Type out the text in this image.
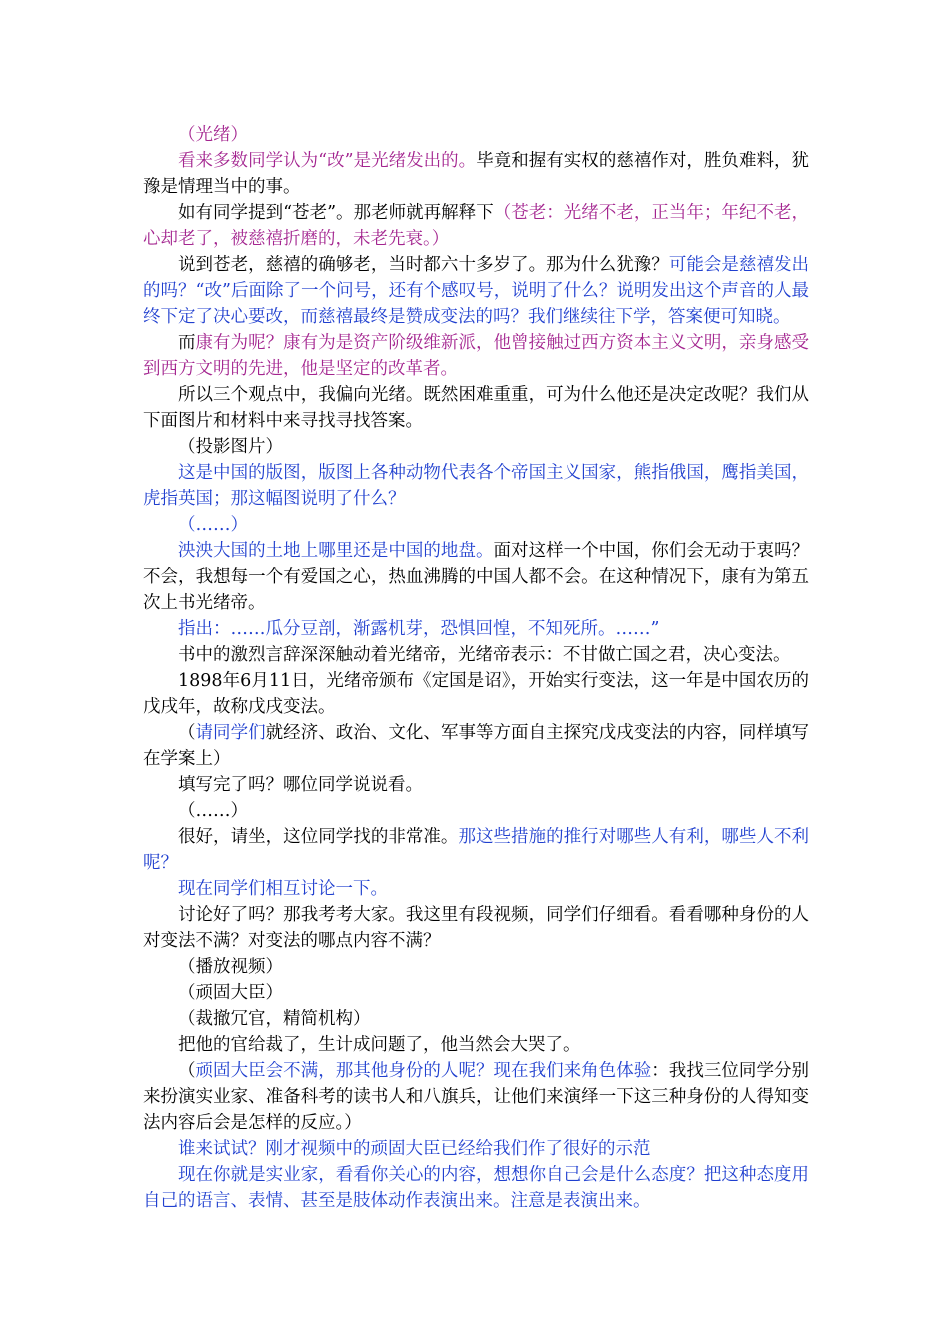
（光绪）

看来多数同学认为“改”是光绪发出的。毕竟和握有实权的慈禧作对，胜负难料，犹豫是情理当中的事。

如有同学提到“苍老”。那老师就再解释下（苍老：光绪不老，正当年；年纪不老，心却老了，被慈禧折磨的，未老先衰。）

说到苍老，慈禧的确够老，当时都六十多岁了。那为什么犹豫？可能会是慈禧发出的吗？“改”后面除了一个问号，还有个感叹号，说明了什么？说明发出这个声音的人最终下定了决心要改，而慈禧最终是赞成变法的吗？我们继续往下学，答案便可知晓。

而康有为呢？康有为是资产阶级维新派，他曾接触过西方资本主义文明，亲身感受到西方文明的先进，他是坚定的改革者。

所以三个观点中，我偏向光绪。既然困难重重，可为什么他还是决定改呢？我们从下面图片和材料中来寻找寻找答案。

（投影图片）

这是中国的版图，版图上各种动物代表各个帝国主义国家，熊指俄国，鹰指美国，虎指英国；那这幅图说明了什么？

（……）

泱泱大国的土地上哪里还是中国的地盘。面对这样一个中国，你们会无动于衷吗？不会，我想每一个有爱国之心，热血沸腾的中国人都不会。在这种情况下，康有为第五次上书光绪帝。

指出：……瓜分豆剖，渐露机芽，恐惧回惶，不知死所。……”

书中的激烈言辞深深触动着光绪帝，光绪帝表示：不甘做亡国之君，决心变法。

1898年6月11日，光绪帝颁布《定国是诏》，开始实行变法，这一年是中国农历的戊戌年，故称戊戌变法。

（请同学们就经济、政治、文化、军事等方面自主探究戊戌变法的内容，同样填写在学案上）

填写完了吗？哪位同学说说看。

（……）

很好，请坐，这位同学找的非常准。那这些措施的推行对哪些人有利，哪些人不利呢？

现在同学们相互讨论一下。

讨论好了吗？那我考考大家。我这里有段视频，同学们仔细看。看看哪种身份的人对变法不满？对变法的哪点内容不满？

（播放视频）

（顽固大臣）

（裁撤冗官，精简机构）

把他的官给裁了，生计成问题了，他当然会大哭了。

（顽固大臣会不满，那其他身份的人呢？现在我们来角色体验：我找三位同学分别来扮演实业家、准备科考的读书人和八旗兵，让他们来演绎一下这三种身份的人得知变法内容后会是怎样的反应。）

谁来试试？刚才视频中的顽固大臣已经给我们作了很好的示范

现在你就是实业家，看看你关心的内容，想想你自己会是什么态度？把这种态度用自己的语言、表情、甚至是肢体动作表演出来。注意是表演出来。
